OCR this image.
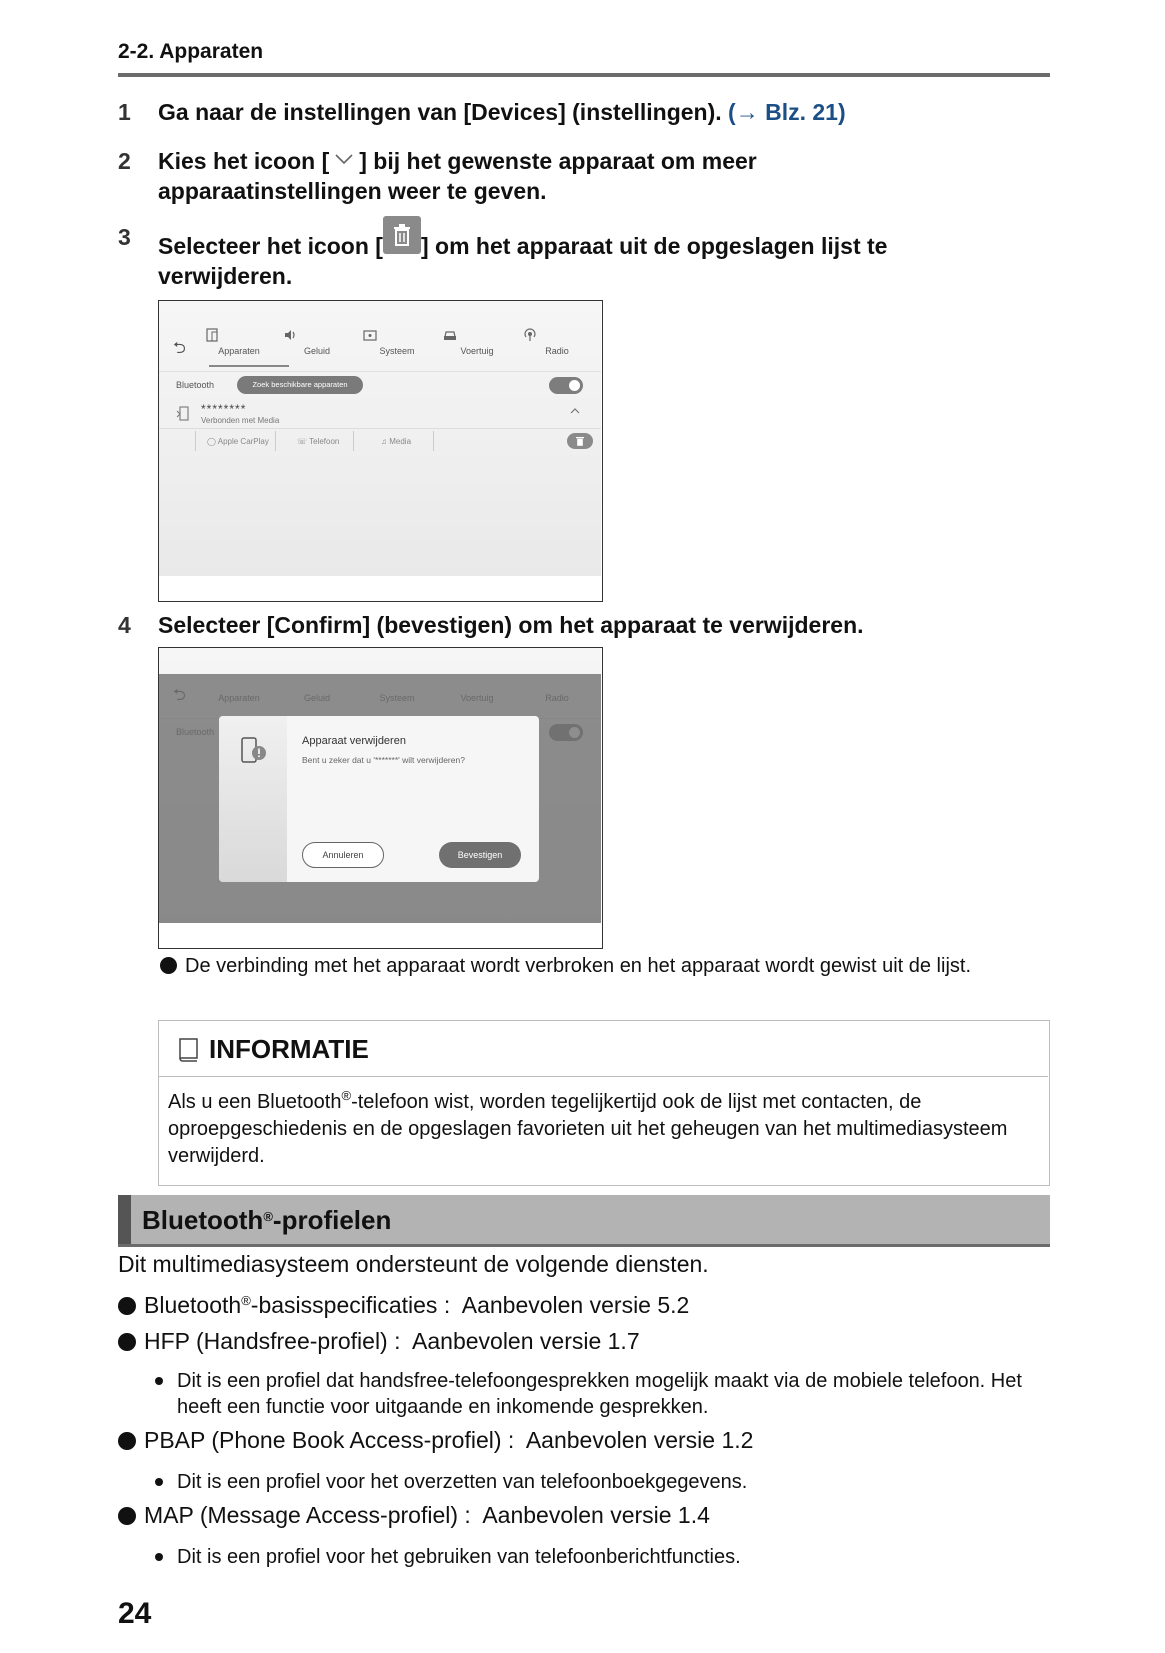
2-2. Apparaten
1 Ga naar de instellingen van [Devices] (instellingen). (→ Blz. 21)
2 Kies het icoon [ ] bij het gewenste apparaat om meer
apparaatinstellingen weer te geven.
3 Selecteer het icoon [ ] om het apparaat uit de opgeslagen lijst te
verwijderen.
⮌	Apparaten	Geluid	Systeem	Voertuig	Radio
Bluetooth	Zoek beschikbare apparaten
********
Verbonden met Media
◯ Apple CarPlay	☏ Telefoon	♫ Media
4 Selecteer [Confirm] (bevestigen) om het apparaat te verwijderen.
Apparaat verwijderen
Bent u zeker dat u '*******' wilt verwijderen?
Annuleren	Bevestigen
De verbinding met het apparaat wordt verbroken en het apparaat wordt gewist uit de lijst.
INFORMATIE
Als u een Bluetooth®-telefoon wist, worden tegelijkertijd ook de lijst met contacten, de oproepgeschiedenis en de opgeslagen favorieten uit het geheugen van het multimediasysteem verwijderd.
Bluetooth®-profielen
Dit multimediasysteem ondersteunt de volgende diensten.
Bluetooth®-basisspecificaties : Aanbevolen versie 5.2
HFP (Handsfree-profiel) : Aanbevolen versie 1.7
Dit is een profiel dat handsfree-telefoongesprekken mogelijk maakt via de mobiele telefoon. Het heeft een functie voor uitgaande en inkomende gesprekken.
PBAP (Phone Book Access-profiel) : Aanbevolen versie 1.2
Dit is een profiel voor het overzetten van telefoonboekgegevens.
MAP (Message Access-profiel) : Aanbevolen versie 1.4
Dit is een profiel voor het gebruiken van telefoonberichtfuncties.
24
